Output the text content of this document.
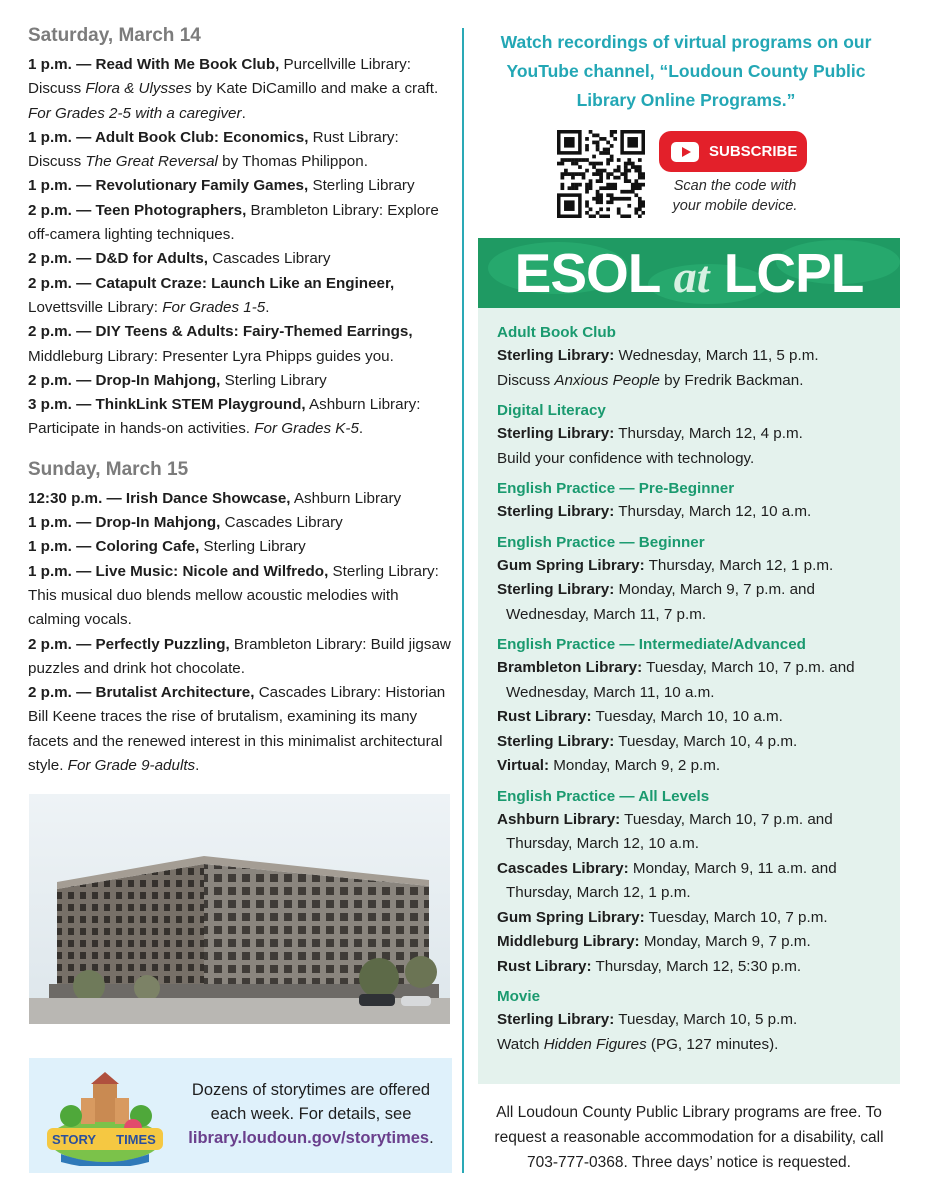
Saturday, March 14
1 p.m. — Read With Me Book Club, Purcellville Library: Discuss Flora & Ulysses by Kate DiCamillo and make a craft. For Grades 2-5 with a caregiver.
1 p.m. — Adult Book Club: Economics, Rust Library: Discuss The Great Reversal by Thomas Philippon.
1 p.m. — Revolutionary Family Games, Sterling Library
2 p.m. — Teen Photographers, Brambleton Library: Explore off-camera lighting techniques.
2 p.m. — D&D for Adults, Cascades Library
2 p.m. — Catapult Craze: Launch Like an Engineer, Lovettsville Library: For Grades 1-5.
2 p.m. — DIY Teens & Adults: Fairy-Themed Earrings, Middleburg Library: Presenter Lyra Phipps guides you.
2 p.m. — Drop-In Mahjong, Sterling Library
3 p.m. — ThinkLink STEM Playground, Ashburn Library: Participate in hands-on activities. For Grades K-5.
Sunday, March 15
12:30 p.m. — Irish Dance Showcase, Ashburn Library
1 p.m. — Drop-In Mahjong, Cascades Library
1 p.m. — Coloring Cafe, Sterling Library
1 p.m. — Live Music: Nicole and Wilfredo, Sterling Library: This musical duo blends mellow acoustic melodies with calming vocals.
2 p.m. — Perfectly Puzzling, Brambleton Library: Build jigsaw puzzles and drink hot chocolate.
2 p.m. — Brutalist Architecture, Cascades Library: Historian Bill Keene traces the rise of brutalism, examining its many facets and the renewed interest in this minimalist architectural style. For Grade 9-adults.
STORY TIMES
Dozens of storytimes are offered each week. For details, see library.loudoun.gov/storytimes.
Watch recordings of virtual programs on our YouTube channel, “Loudoun County Public Library Online Programs.”
SUBSCRIBE
Scan the code with your mobile device.
ESOL at LCPL
Adult Book Club
Sterling Library: Wednesday, March 11, 5 p.m.
Discuss Anxious People by Fredrik Backman.
Digital Literacy
Sterling Library: Thursday, March 12, 4 p.m.
Build your confidence with technology.
English Practice — Pre-Beginner
Sterling Library: Thursday, March 12, 10 a.m.
English Practice — Beginner
Gum Spring Library: Thursday, March 12, 1 p.m.
Sterling Library: Monday, March 9, 7 p.m. and
Wednesday, March 11, 7 p.m.
English Practice — Intermediate/Advanced
Brambleton Library: Tuesday, March 10, 7 p.m. and
Wednesday, March 11, 10 a.m.
Rust Library: Tuesday, March 10, 10 a.m.
Sterling Library: Tuesday, March 10, 4 p.m.
Virtual: Monday, March 9, 2 p.m.
English Practice — All Levels
Ashburn Library: Tuesday, March 10, 7 p.m. and
Thursday, March 12, 10 a.m.
Cascades Library: Monday, March 9, 11 a.m. and
Thursday, March 12, 1 p.m.
Gum Spring Library: Tuesday, March 10, 7 p.m.
Middleburg Library: Monday, March 9, 7 p.m.
Rust Library: Thursday, March 12, 5:30 p.m.
Movie
Sterling Library: Tuesday, March 10, 5 p.m.
Watch Hidden Figures (PG, 127 minutes).
All Loudoun County Public Library programs are free. To request a reasonable accommodation for a disability, call 703-777-0368. Three days’ notice is requested.
